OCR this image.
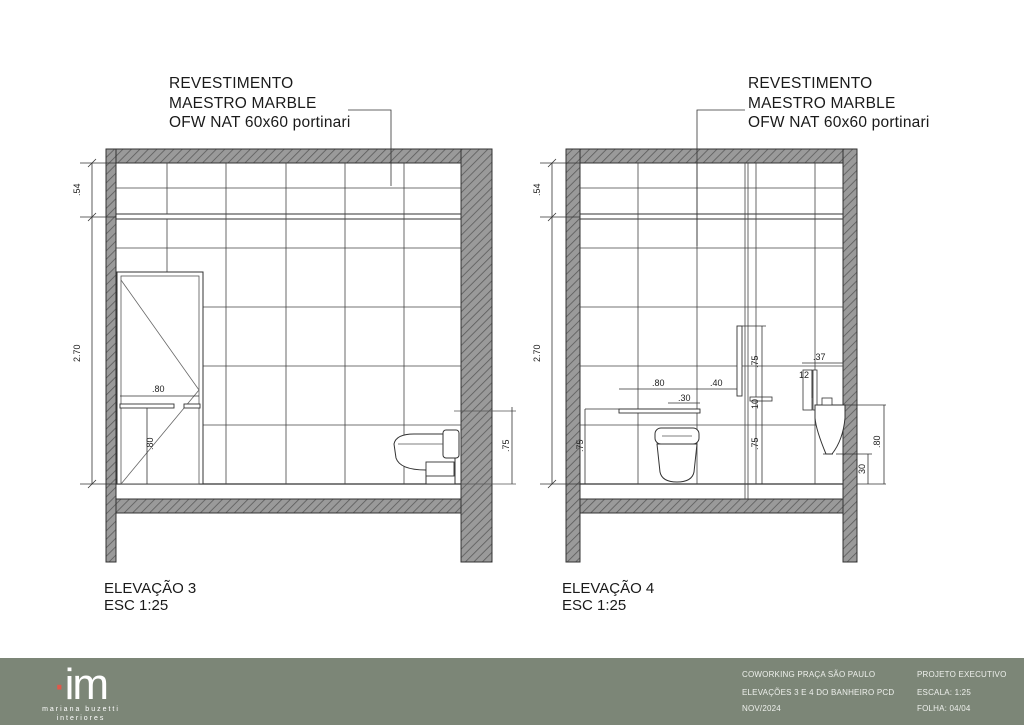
REVESTIMENTO
MAESTRO MARBLE
OFW NAT 60x60 portinari
REVESTIMENTO
MAESTRO MARBLE
OFW NAT 60x60 portinari
.54
2.70
.80
.80	.75
.54
2.70
.80	.40
.30
.75
.75
10
.75
.37
12
.80
30
ELEVAÇÃO 3
ESC 1:25
ELEVAÇÃO 4
ESC 1:25
·im
mariana buzetti
interiores
COWORKING PRAÇA SÃO PAULO
ELEVAÇÕES 3 E 4 DO BANHEIRO PCD
NOV/2024
PROJETO EXECUTIVO
ESCALA: 1:25
FOLHA: 04/04
